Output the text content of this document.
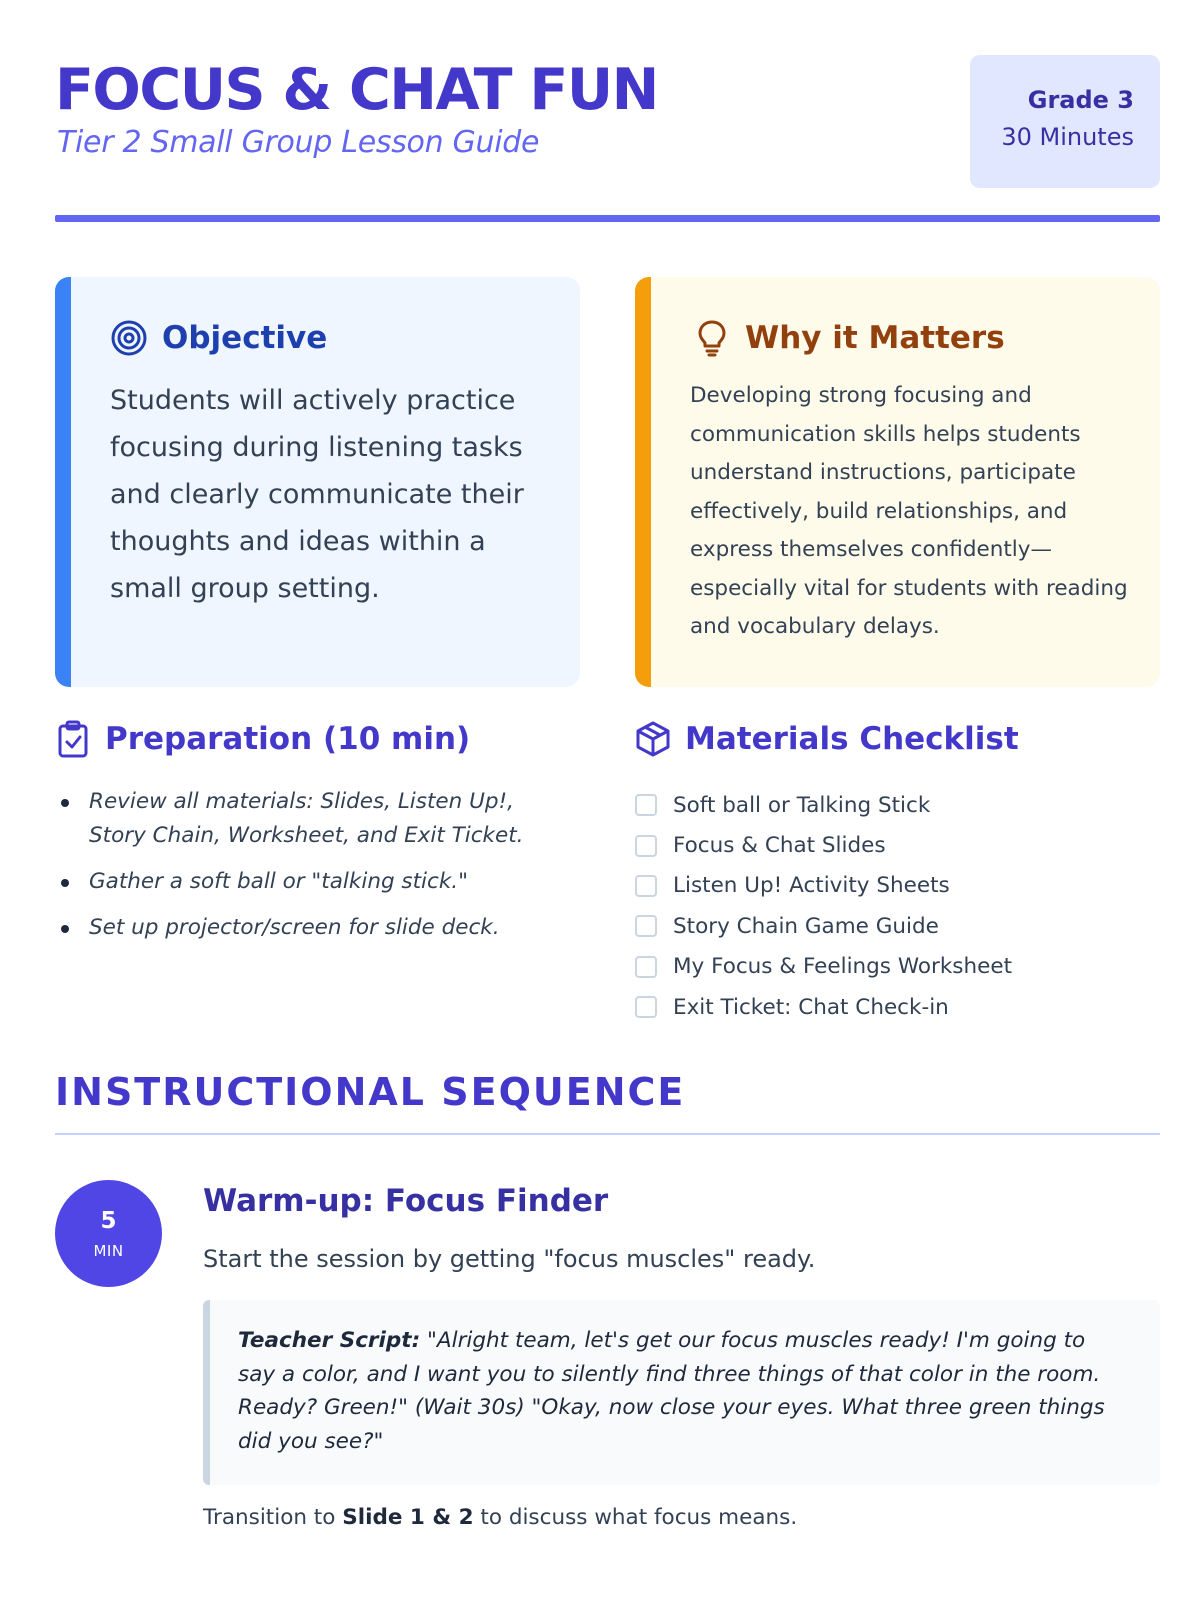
FOCUS & CHAT FUN
Tier 2 Small Group Lesson Guide
Grade 3
30 Minutes
Objective

Students will actively practice focusing during listening tasks and clearly communicate their thoughts and ideas within a small group setting.

Why it Matters

Developing strong focusing and communication skills helps students understand instructions, participate effectively, build relationships, and express themselves confidently—especially vital for students with reading and vocabulary delays.

Preparation (10 min)
Review all materials: Slides, Listen Up!, Story Chain, Worksheet, and Exit Ticket.
Gather a soft ball or "talking stick."
Set up projector/screen for slide deck.
Materials Checklist
Soft ball or Talking Stick
Focus & Chat Slides
Listen Up! Activity Sheets
Story Chain Game Guide
My Focus & Feelings Worksheet
Exit Ticket: Chat Check-in
INSTRUCTIONAL SEQUENCE
5
MIN
Warm-up: Focus Finder
Start the session by getting "focus muscles" ready.

Teacher Script: "Alright team, let's get our focus muscles ready! I'm going to say a color, and I want you to silently find three things of that color in the room. Ready? Green!" (Wait 30s) "Okay, now close your eyes. What three green things did you see?"

Transition to Slide 1 & 2 to discuss what focus means.
